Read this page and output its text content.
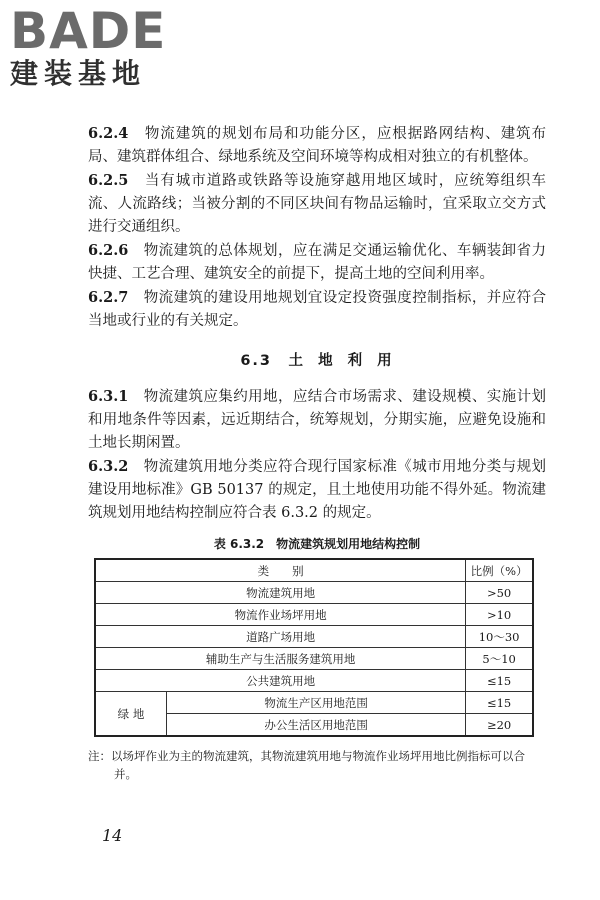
BADE
建装基地

6.2.4　 物流建筑的规划布局和功能分区，应根据路网结构、建筑布局、建筑群体组合、绿地系统及空间环境等构成相对独立的有机整体。

6.2.5　 当有城市道路或铁路等设施穿越用地区域时，应统筹组织车流、人流路线；当被分割的不同区块间有物品运输时，宜采取立交方式进行交通组织。

6.2.6　 物流建筑的总体规划，应在满足交通运输优化、车辆装卸省力快捷、工艺合理、建筑安全的前提下，提高土地的空间利用率。

6.2.7　 物流建筑的建设用地规划宜设定投资强度控制指标，并应符合当地或行业的有关规定。

6.3　 土 地 利 用

6.3.1　 物流建筑应集约用地，应结合市场需求、建设规模、实施计划和用地条件等因素，远近期结合，统筹规划，分期实施，应避免设施和土地长期闲置。

6.3.2　 物流建筑用地分类应符合现行国家标准《城市用地分类与规划建设用地标准》GB 50137 的规定，且土地使用功能不得外延。物流建筑规划用地结构控制应符合表 6.3.2 的规定。

表 6.3.2　物流建筑规划用地结构控制
类　　别		比例（%）
物流建筑用地		>50
物流作业场坪用地		>10
道路广场用地		10～30
辅助生产与生活服务建筑用地		5～10
公共建筑用地		≤15
绿 地	物流生产区用地范围	≤15
	办公生活区用地范围	≥20

注：以场坪作业为主的物流建筑，其物流建筑用地与物流作业场坪用地比例指标可以合并。

14
